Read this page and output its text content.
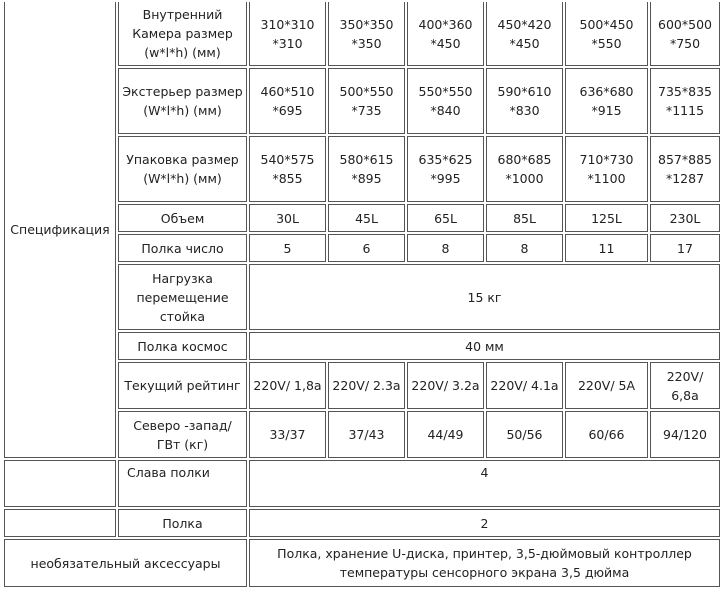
Спецификация	Внутренний Камера размер (w*l*h) (мм)	310*310 *310	350*350 *350	400*360 *450	450*420 *450	500*450 *550	600*500 *750
	Экстерьер размер (W*l*h) (мм)	460*510 *695	500*550 *735	550*550 *840	590*610 *830	636*680 *915	735*835 *1115
	Упаковка размер (W*l*h) (мм)	540*575 *855	580*615 *895	635*625 *995	680*685 *1000	710*730 *1100	857*885 *1287
	Объем	30L	45L	65L	85L	125L	230L
	Полка число	5	6	8	8	11	17
	Нагрузка перемещение стойка	15 кг					
	Полка космос	40 мм					
	Текущий рейтинг	220V/ 1,8а	220V/ 2.3а	220V/ 3.2а	220V/ 4.1а	220V/ 5A	220V/ 6,8а
	Северо -запад/ ГВт (кг)	33/37	37/43	44/49	50/56	60/66	94/120
	Слава полки	4					
	Полка	2					
необязательный аксессуары		Полка, хранение U-диска, принтер, 3,5-дюймовый контроллер температуры сенсорного экрана 3,5 дюйма					
